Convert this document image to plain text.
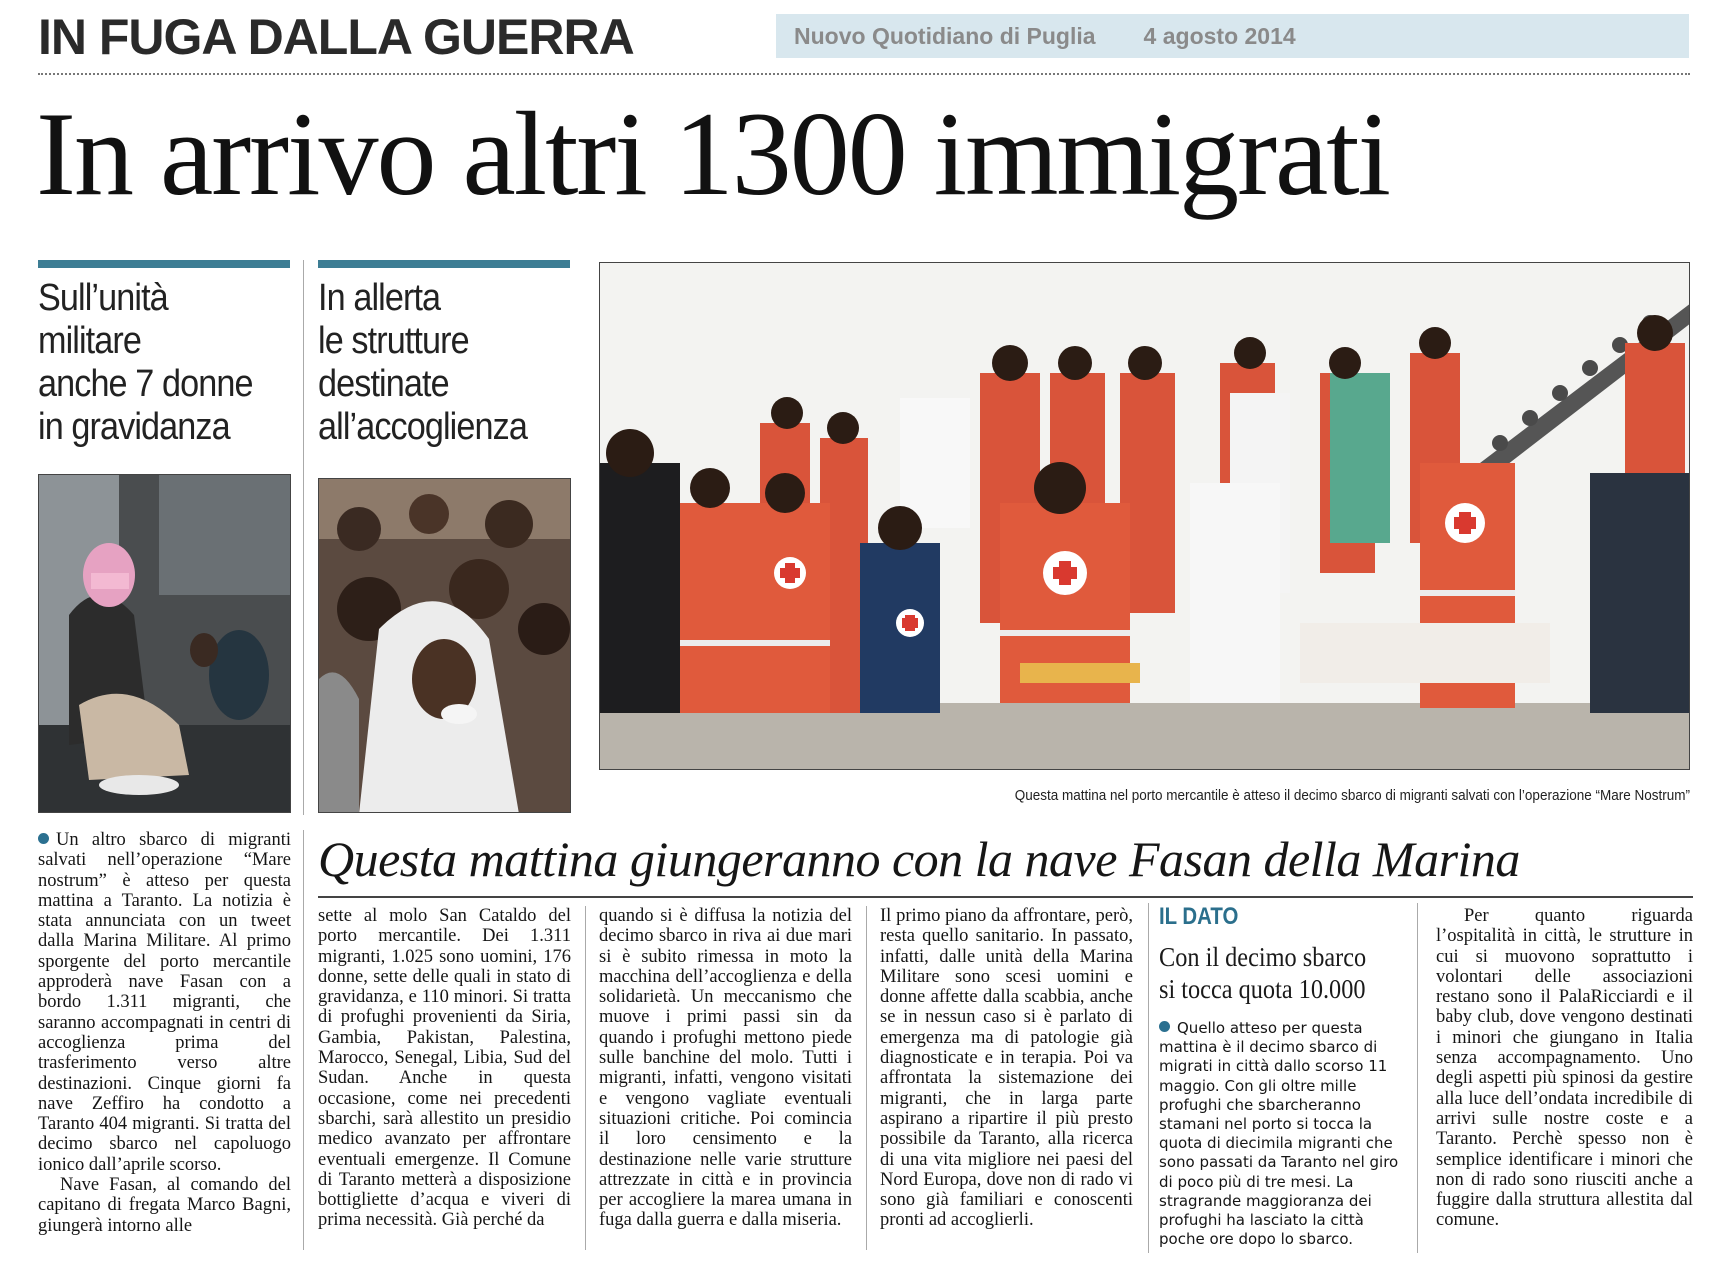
IN FUGA DALLA GUERRA	Nuovo Quotidiano di Puglia 4 agosto 2014
In arrivo altri 1300 immigrati
Sull’unità
militare
anche 7 donne
in gravidanza
In allerta
le strutture
destinate
all’accoglienza
Questa mattina nel porto mercantile è atteso il decimo sbarco di migranti salvati con l’operazione “Mare Nostrum”
Questa mattina giungeranno con la nave Fasan della Marina

Un altro sbarco di migranti salvati nell’operazione “Mare nostrum” è atteso per questa mattina a Taranto. La notizia è stata annunciata con un tweet dalla Marina Militare. Al primo sporgente del porto mercantile approderà nave Fasan con a bordo 1.311 migranti, che saranno accompagnati in centri di accoglienza prima del trasferimento verso altre destinazioni. Cinque giorni fa nave Zeffiro ha condotto a Taranto 404 migranti. Si tratta del decimo sbarco nel capoluogo ionico dall’aprile scorso.

Nave Fasan, al comando del capitano di fregata Marco Bagni, giungerà intorno alle

sette al molo San Cataldo del porto mercantile. Dei 1.311 migranti, 1.025 sono uomini, 176 donne, sette delle quali in stato di gravidanza, e 110 minori. Si tratta di profughi provenienti da Siria, Gambia, Pakistan, Palestina, Marocco, Senegal, Libia, Sud del Sudan. Anche in questa occasione, come nei precedenti sbarchi, sarà allestito un presidio medico avanzato per affrontare eventuali emergenze. Il Comune di Taranto metterà a disposizione bottigliette d’acqua e viveri di prima necessità. Già perché da

quando si è diffusa la notizia del decimo sbarco in riva ai due mari si è subito rimessa in moto la macchina dell’accoglienza e della solidarietà. Un meccanismo che muove i primi passi sin da quando i profughi mettono piede sulle banchine del molo. Tutti i migranti, infatti, vengono visitati e vengono vagliate eventuali situazioni critiche. Poi comincia il loro censimento e la destinazione nelle varie strutture attrezzate in città e in provincia per accogliere la marea umana in fuga dalla guerra e dalla miseria.

Il primo piano da affrontare, però, resta quello sanitario. In passato, infatti, dalle unità della Marina Militare sono scesi uomini e donne affette dalla scabbia, anche se in nessun caso si è parlato di emergenza ma di patologie già diagnosticate e in terapia. Poi va affrontata la sistemazione dei migranti, che in larga parte aspirano a ripartire il più presto possibile da Taranto, alla ricerca di una vita migliore nei paesi del Nord Europa, dove non di rado vi sono già familiari e conoscenti pronti ad accoglierli.

IL DATO
Con il decimo sbarco
si tocca quota 10.000
Quello atteso per questa mattina è il decimo sbarco di migrati in città dallo scorso 11 maggio. Con gli oltre mille profughi che sbarcheranno stamani nel porto si tocca la quota di diecimila migranti che sono passati da Taranto nel giro di poco più di tre mesi. La stragrande maggioranza dei profughi ha lasciato la città poche ore dopo lo sbarco.

Per quanto riguarda l’ospitalità in città, le strutture in cui si muovono soprattutto i volontari delle associazioni restano sono il PalaRicciardi e il baby club, dove vengono destinati i minori che giungano in Italia senza accompagnamento. Uno degli aspetti più spinosi da gestire alla luce dell’ondata incredibile di arrivi sulle nostre coste e a Taranto. Perchè spesso non è semplice identificare i minori che non di rado sono riusciti anche a fuggire dalla struttura allestita dal comune.
